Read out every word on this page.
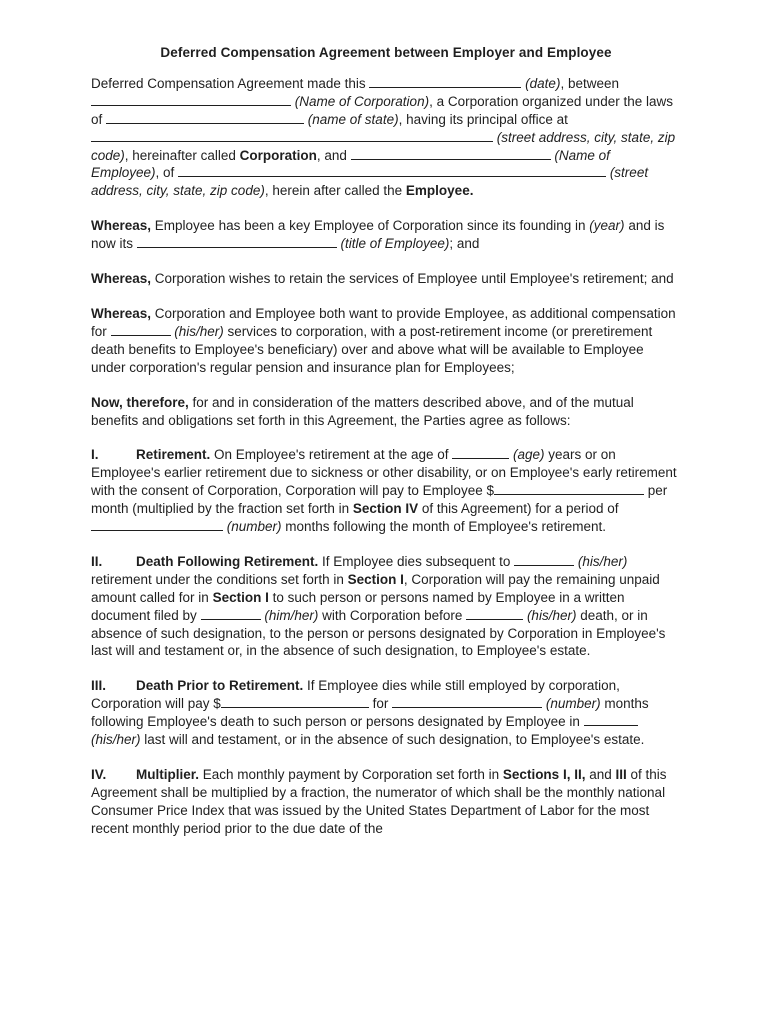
Deferred Compensation Agreement between Employer and Employee
Deferred Compensation Agreement made this	(date), between  (Name of Corporation), a Corporation organized under the laws of	(name of state), having its principal office at  (street address, city, state, zip code), hereinafter called Corporation, and	(Name of Employee), of	(street address, city, state, zip code), herein after called the Employee.
Whereas, Employee has been a key Employee of Corporation since its founding in (year) and is now its	(title of Employee); and
Whereas, Corporation wishes to retain the services of Employee until Employee's retirement; and
Whereas, Corporation and Employee both want to provide Employee, as additional compensation for	(his/her) services to corporation, with a post-retirement income (or preretirement death benefits to Employee's beneficiary) over and above what will be available to Employee under corporation's regular pension and insurance plan for Employees;
Now, therefore, for and in consideration of the matters described above, and of the mutual benefits and obligations set forth in this Agreement, the Parties agree as follows:
I.	Retirement. On Employee's retirement at the age of	(age) years or on Employee's earlier retirement due to sickness or other disability, or on Employee's early retirement with the consent of Corporation, Corporation will pay to Employee $	per month (multiplied by the fraction set forth in Section IV of this Agreement) for a period of  (number) months following the month of Employee's retirement.
II. Death Following Retirement. If Employee dies subsequent to	(his/her) retirement under the conditions set forth in Section I, Corporation will pay the remaining unpaid amount called for in Section I to such person or persons named by Employee in a written document filed by	(him/her) with Corporation before	(his/her) death, or in absence of such designation, to the person or persons designated by Corporation in Employee's last will and testament or, in the absence of such designation, to Employee's estate.
III. Death Prior to Retirement. If Employee dies while still employed by corporation, Corporation will pay $	for	(number) months following Employee's death to such person or persons designated by Employee in  (his/her) last will and testament, or in the absence of such designation, to Employee's estate.
IV. Multiplier. Each monthly payment by Corporation set forth in Sections I, II, and III of this Agreement shall be multiplied by a fraction, the numerator of which shall be the monthly national Consumer Price Index that was issued by the United States Department of Labor for the most recent monthly period prior to the due date of the
